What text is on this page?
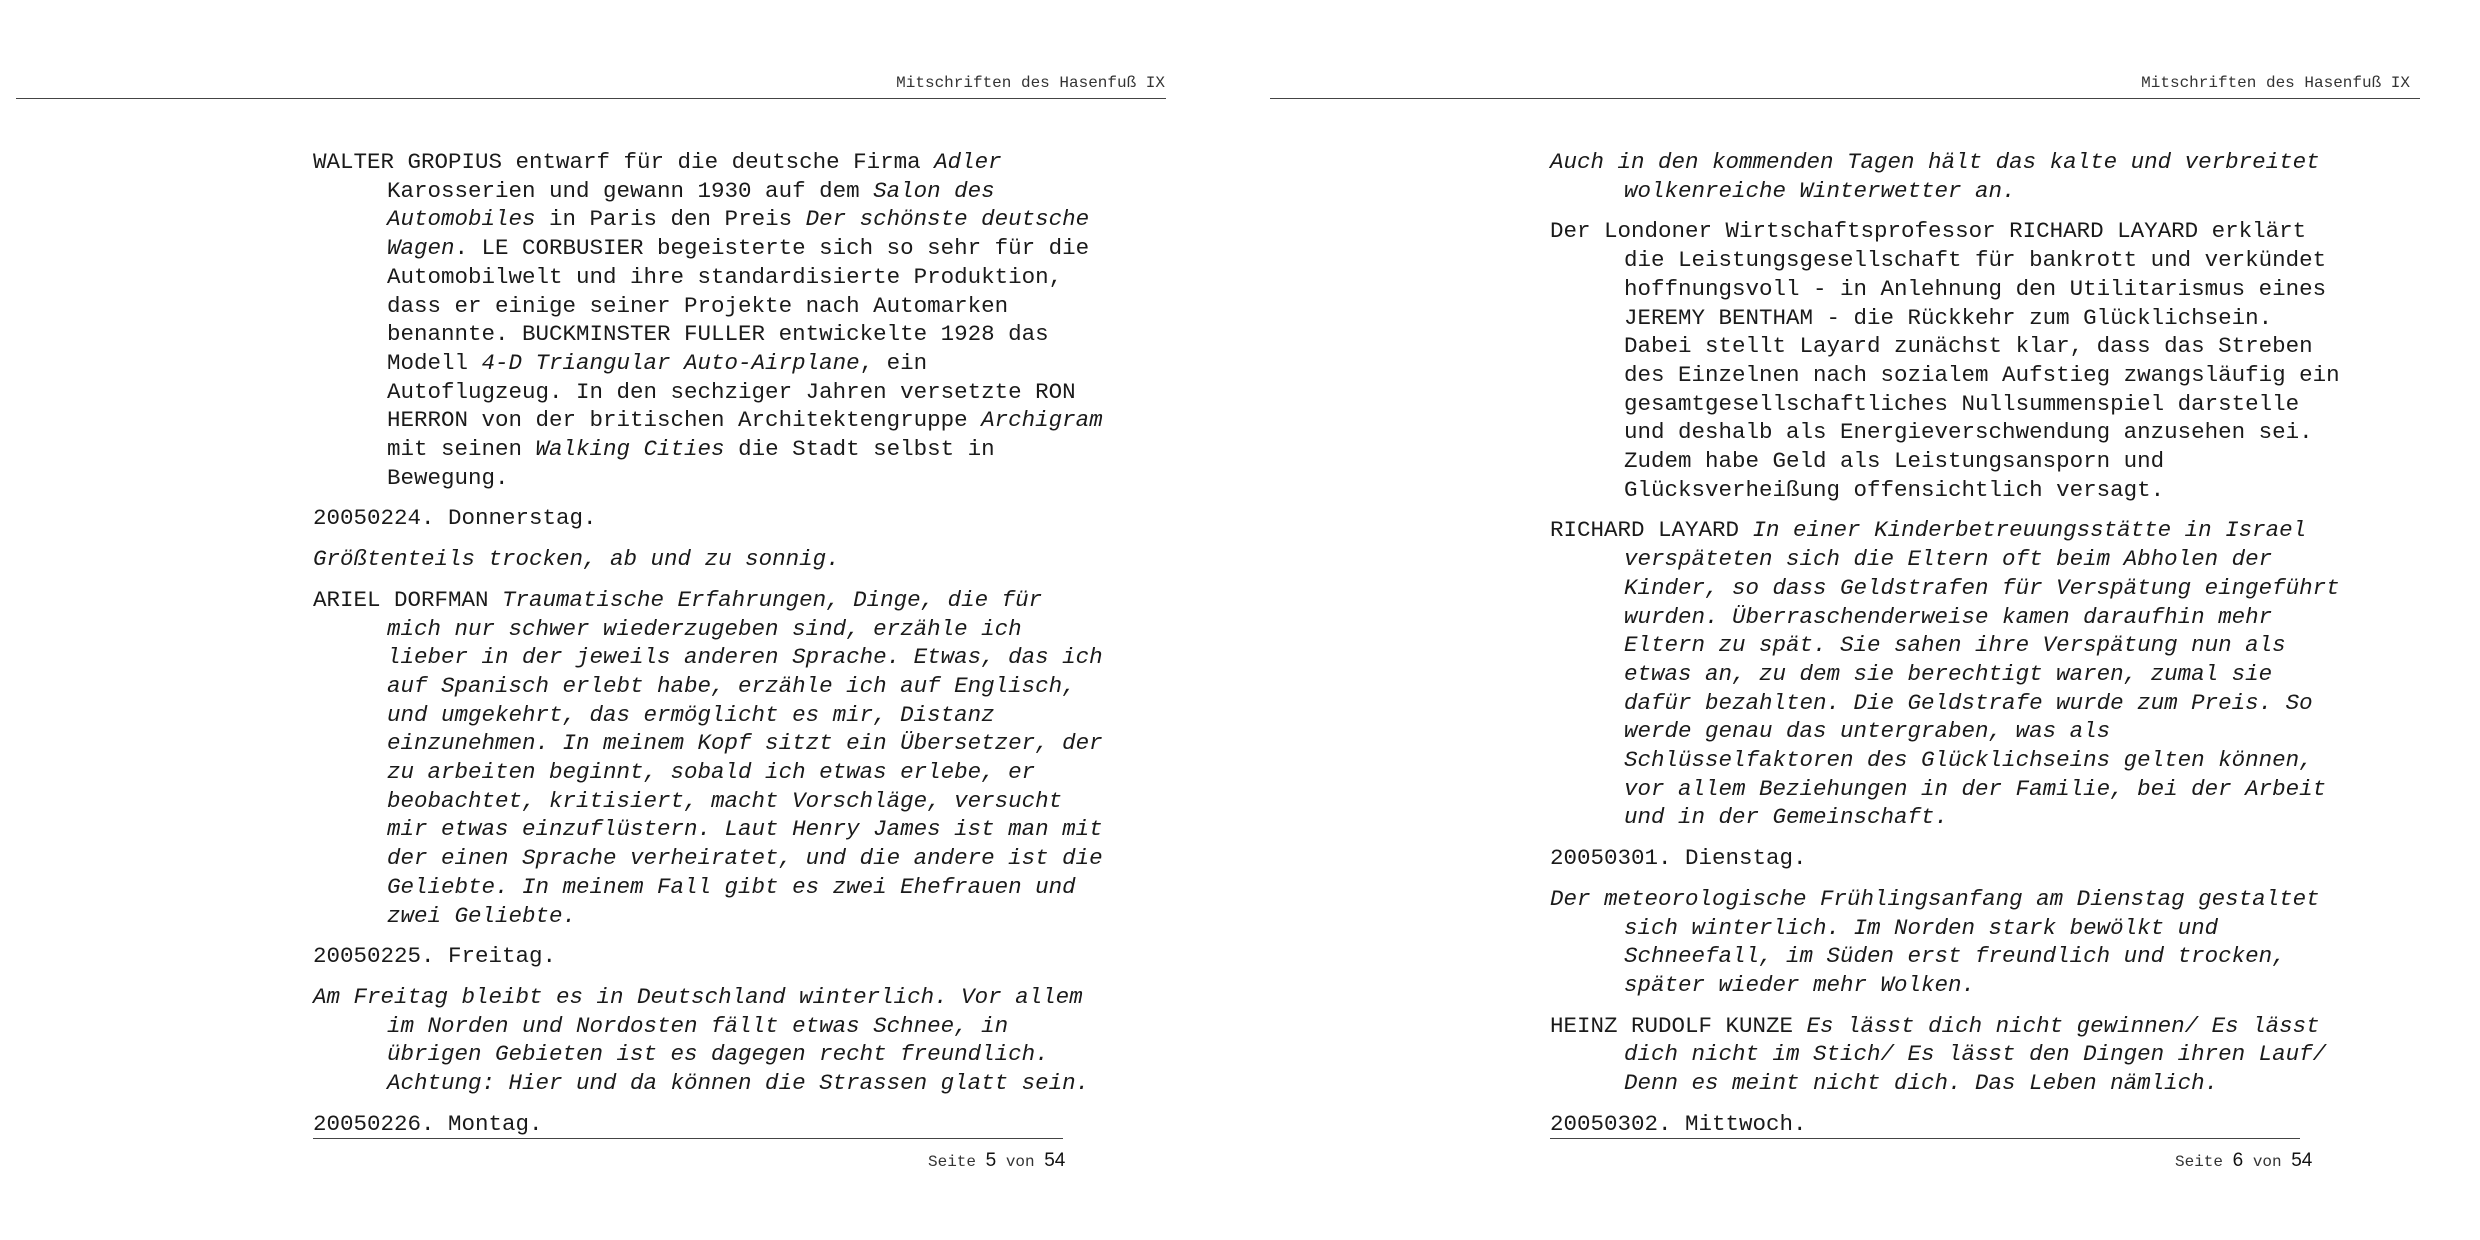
Mitschriften des Hasenfuß IX

WALTER GROPIUS entwarf für die deutsche Firma Adler Karosserien und gewann 1930 auf dem Salon des Automobiles in Paris den Preis Der schönste deutsche Wagen. LE CORBUSIER begeisterte sich so sehr für die Automobilwelt und ihre standardisierte Produktion, dass er einige seiner Projekte nach Automarken benannte. BUCKMINSTER FULLER entwickelte 1928 das Modell 4-D Triangular Auto-Airplane, ein Autoflugzeug. In den sechziger Jahren versetzte RON HERRON von der britischen Architektengruppe Archigram mit seinen Walking Cities die Stadt selbst in Bewegung.

20050224. Donnerstag.

Größtenteils trocken, ab und zu sonnig.

ARIEL DORFMAN Traumatische Erfahrungen, Dinge, die für mich nur schwer wiederzugeben sind, erzähle ich lieber in der jeweils anderen Sprache. Etwas, das ich auf Spanisch erlebt habe, erzähle ich auf Englisch, und umgekehrt, das ermöglicht es mir, Distanz einzunehmen. In meinem Kopf sitzt ein Übersetzer, der zu arbeiten beginnt, sobald ich etwas erlebe, er beobachtet, kritisiert, macht Vorschläge, versucht mir etwas einzuflüstern. Laut Henry James ist man mit der einen Sprache verheiratet, und die andere ist die Geliebte. In meinem Fall gibt es zwei Ehefrauen und zwei Geliebte.

20050225. Freitag.

Am Freitag bleibt es in Deutschland winterlich. Vor allem im Norden und Nordosten fällt etwas Schnee, in übrigen Gebieten ist es dagegen recht freundlich. Achtung: Hier und da können die Strassen glatt sein.

20050226. Montag.

Seite 5 von 54
Mitschriften des Hasenfuß IX

Auch in den kommenden Tagen hält das kalte und verbreitet wolkenreiche Winterwetter an.

Der Londoner Wirtschaftsprofessor RICHARD LAYARD erklärt die Leistungsgesellschaft für bankrott und verkündet hoffnungsvoll - in Anlehnung den Utilitarismus eines JEREMY BENTHAM - die Rückkehr zum Glücklichsein. Dabei stellt Layard zunächst klar, dass das Streben des Einzelnen nach sozialem Aufstieg zwangsläufig ein gesamtgesellschaftliches Nullsummenspiel darstelle und deshalb als Energieverschwendung anzusehen sei. Zudem habe Geld als Leistungsansporn und Glücksverheißung offensichtlich versagt.

RICHARD LAYARD In einer Kinderbetreuungsstätte in Israel verspäteten sich die Eltern oft beim Abholen der Kinder, so dass Geldstrafen für Verspätung eingeführt wurden. Überraschenderweise kamen daraufhin mehr Eltern zu spät. Sie sahen ihre Verspätung nun als etwas an, zu dem sie berechtigt waren, zumal sie dafür bezahlten. Die Geldstrafe wurde zum Preis. So werde genau das untergraben, was als Schlüsselfaktoren des Glücklichseins gelten können, vor allem Beziehungen in der Familie, bei der Arbeit und in der Gemeinschaft.

20050301. Dienstag.

Der meteorologische Frühlingsanfang am Dienstag gestaltet sich winterlich. Im Norden stark bewölkt und Schneefall, im Süden erst freundlich und trocken, später wieder mehr Wolken.

HEINZ RUDOLF KUNZE Es lässt dich nicht gewinnen/ Es lässt dich nicht im Stich/ Es lässt den Dingen ihren Lauf/ Denn es meint nicht dich. Das Leben nämlich.

20050302. Mittwoch.

Seite 6 von 54
